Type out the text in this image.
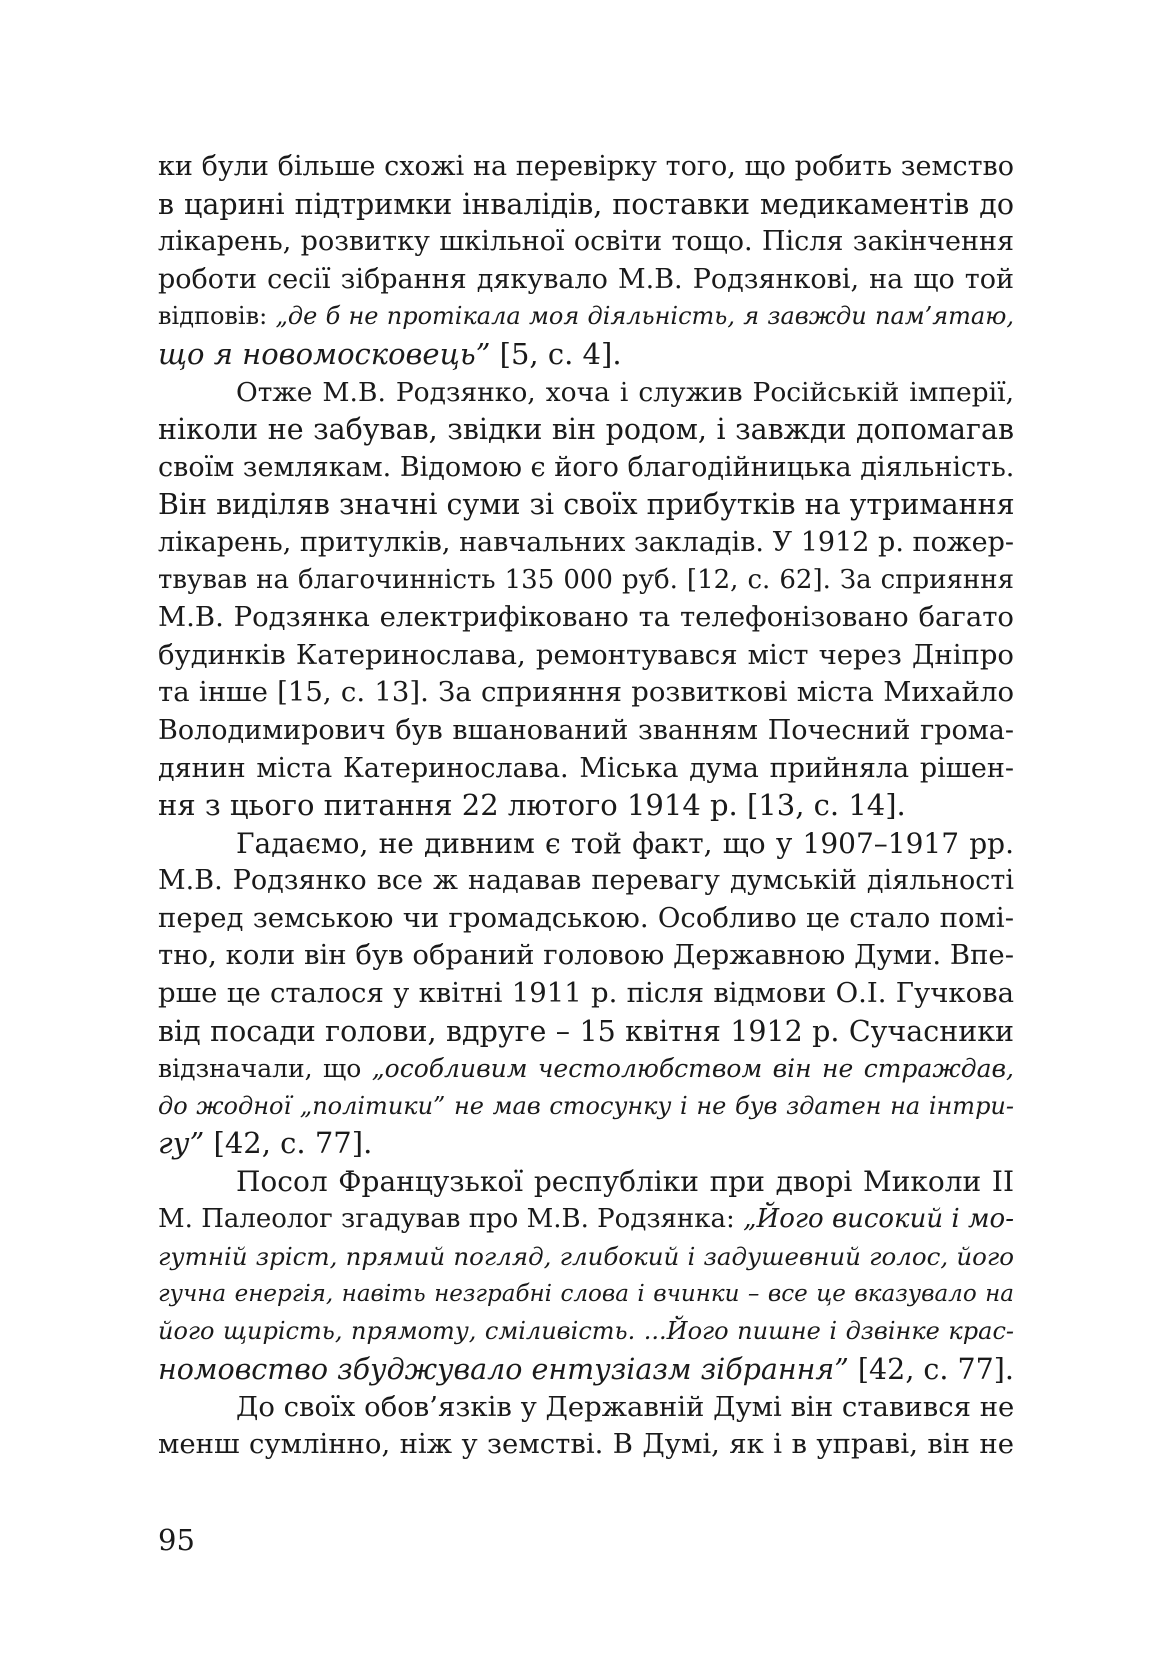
ки були більше схожі на перевірку того, що робить земство
в царині підтримки інвалідів, поставки медикаментів до
лікарень, розвитку шкільної освіти тощо. Після закінчення
роботи сесії зібрання дякувало М.В. Родзянкові, на що той
відповів: „де б не протікала моя діяльність, я завжди пам’ятаю,
що я новомосковець” [5, с. 4].
Отже М.В. Родзянко, хоча і служив Російській імперії,
ніколи не забував, звідки він родом, і завжди допомагав
своїм землякам. Відомою є його благодійницька діяльність.
Він виділяв значні суми зі своїх прибутків на утримання
лікарень, притулків, навчальних закладів. У 1912 р. пожер-
твував на благочинність 135 000 руб. [12, с. 62]. За сприяння
М.В. Родзянка електрифіковано та телефонізовано багато
будинків Катеринослава, ремонтувався міст через Дніпро
та інше [15, с. 13]. За сприяння розвиткові міста Михайло
Володимирович був вшанований званням Почесний грома-
дянин міста Катеринослава. Міська дума прийняла рішен-
ня з цього питання 22 лютого 1914 р. [13, с. 14].
Гадаємо, не дивним є той факт, що у 1907–1917 рр.
М.В. Родзянко все ж надавав перевагу думській діяльності
перед земською чи громадською. Особливо це стало помі-
тно, коли він був обраний головою Державною Думи. Впе-
рше це сталося у квітні 1911 р. після відмови О.І. Гучкова
від посади голови, вдруге – 15 квітня 1912 р. Сучасники
відзначали, що „особливим честолюбством він не страждав,
до жодної „політики” не мав стосунку і не був здатен на інтри-
гу” [42, с. 77].
Посол Французької республіки при дворі Миколи ІІ
М. Палеолог згадував про М.В. Родзянка: „Його високий і мо-
гутній зріст, прямий погляд, глибокий і задушевний голос, його
гучна енергія, навіть незграбні слова і вчинки – все це вказувало на
його щирість, прямоту, сміливість. ...Його пишне і дзвінке крас-
номовство збуджувало ентузіазм зібрання” [42, с. 77].
До своїх обов’язків у Державній Думі він ставився не
менш сумлінно, ніж у земстві. В Думі, як і в управі, він не
95
